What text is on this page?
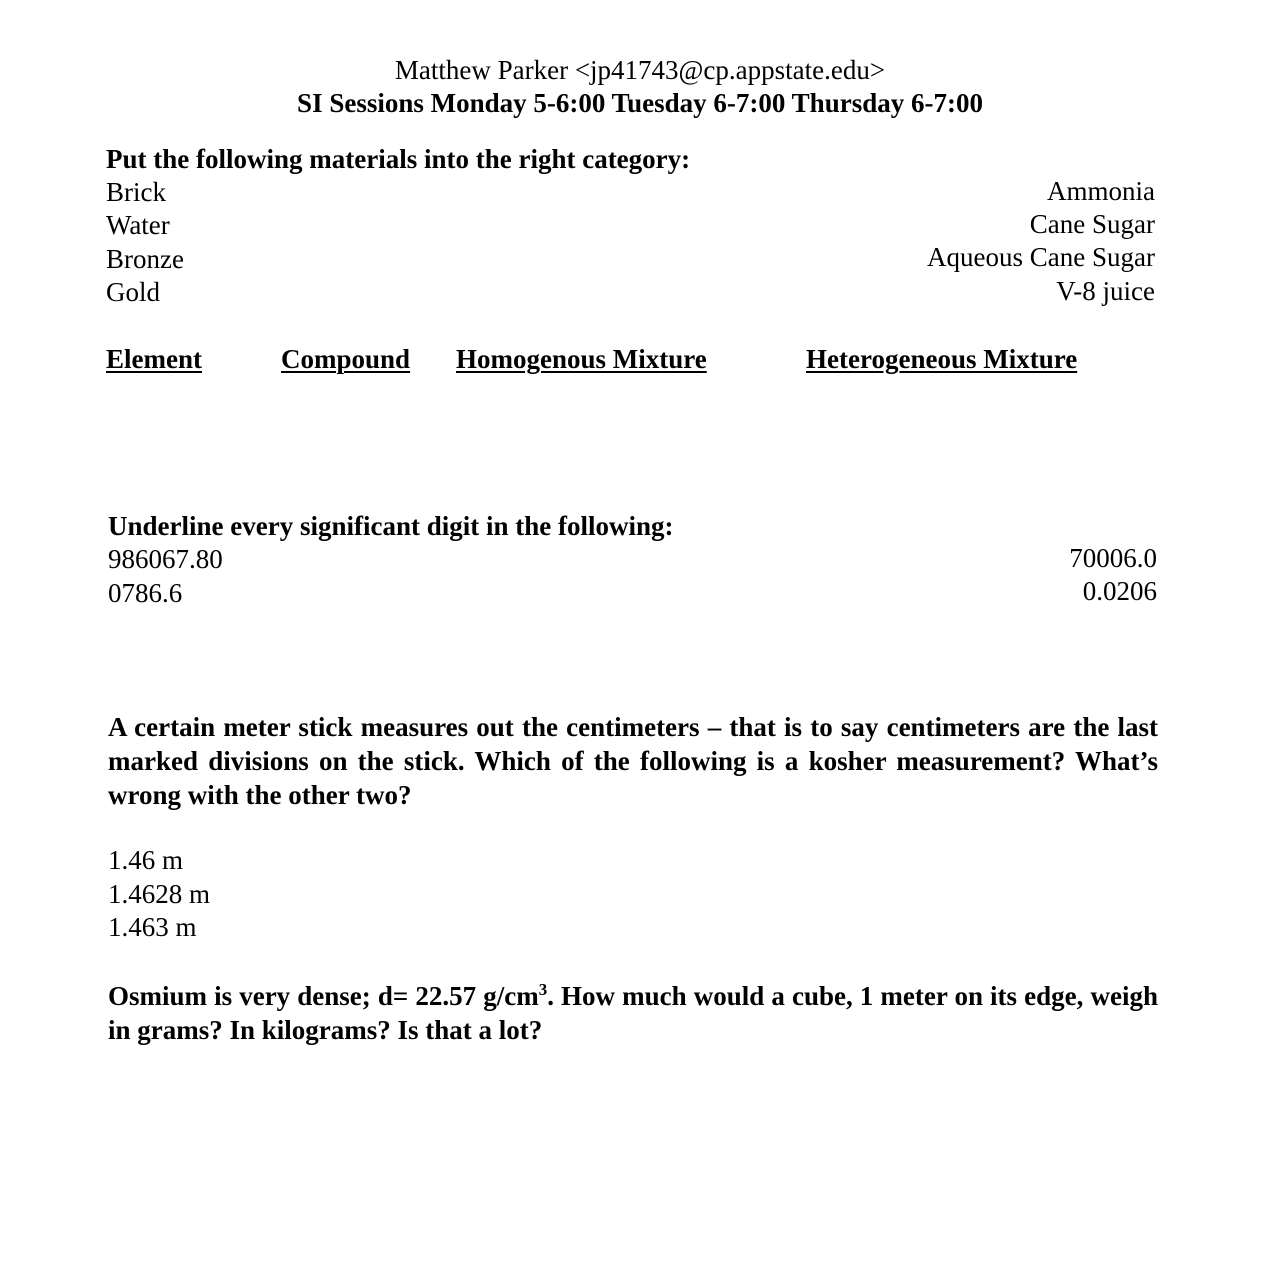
Matthew Parker <jp41743@cp.appstate.edu>
SI Sessions Monday 5-6:00 Tuesday 6-7:00 Thursday 6-7:00
Put the following materials into the right category:
Brick
Water
Bronze
Gold
Ammonia
Cane Sugar
Aqueous Cane Sugar
V-8 juice
Element	Compound Homogenous Mixture	Heterogeneous Mixture
Underline every significant digit in the following:
986067.80
0786.6
70006.0
0.0206
A certain meter stick measures out the centimeters – that is to say centimeters are the last marked divisions on the stick. Which of the following is a kosher measurement? What’s wrong with the other two?
1.46 m
1.4628 m
1.463 m
Osmium is very dense; d= 22.57 $g/cm^3$. How much would a cube, 1 meter on its edge, weigh in grams? In kilograms? Is that a lot?
